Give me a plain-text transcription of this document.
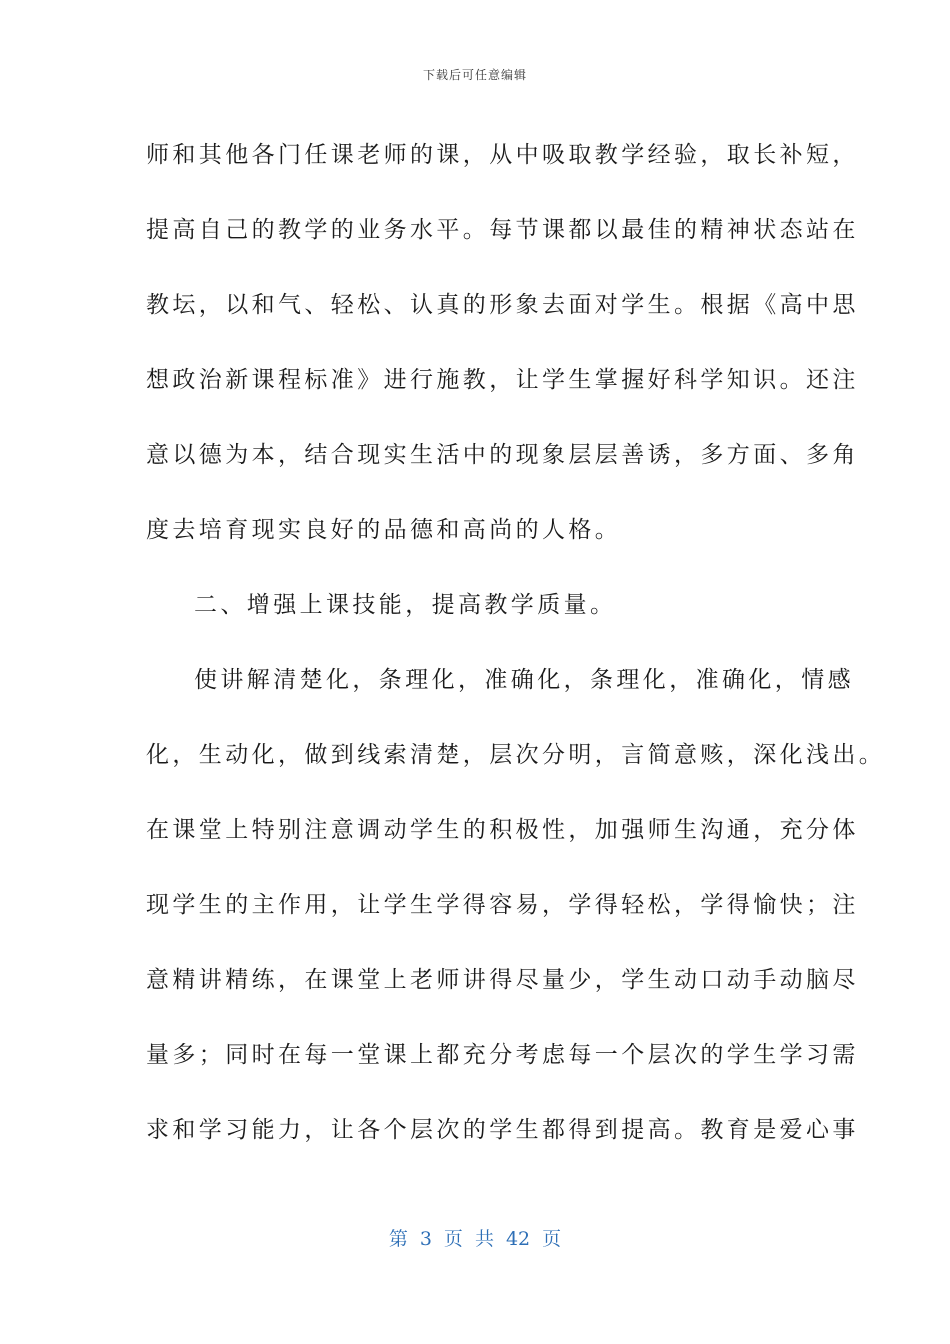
下载后可任意编辑
师和其他各门任课老师的课，从中吸取教学经验，取长补短，
提高自己的教学的业务水平。每节课都以最佳的精神状态站在
教坛，以和气、轻松、认真的形象去面对学生。根据《高中思
想政治新课程标准》进行施教，让学生掌握好科学知识。还注
意以德为本，结合现实生活中的现象层层善诱，多方面、多角
度去培育现实良好的品德和高尚的人格。
二、增强上课技能，提高教学质量。
使讲解清楚化，条理化，准确化，条理化，准确化，情感
化，生动化，做到线索清楚，层次分明，言简意赅，深化浅出。
在课堂上特别注意调动学生的积极性，加强师生沟通，充分体
现学生的主作用，让学生学得容易，学得轻松，学得愉快；注
意精讲精练，在课堂上老师讲得尽量少，学生动口动手动脑尽
量多；同时在每一堂课上都充分考虑每一个层次的学生学习需
求和学习能力，让各个层次的学生都得到提高。教育是爱心事
第 3 页 共 42 页
